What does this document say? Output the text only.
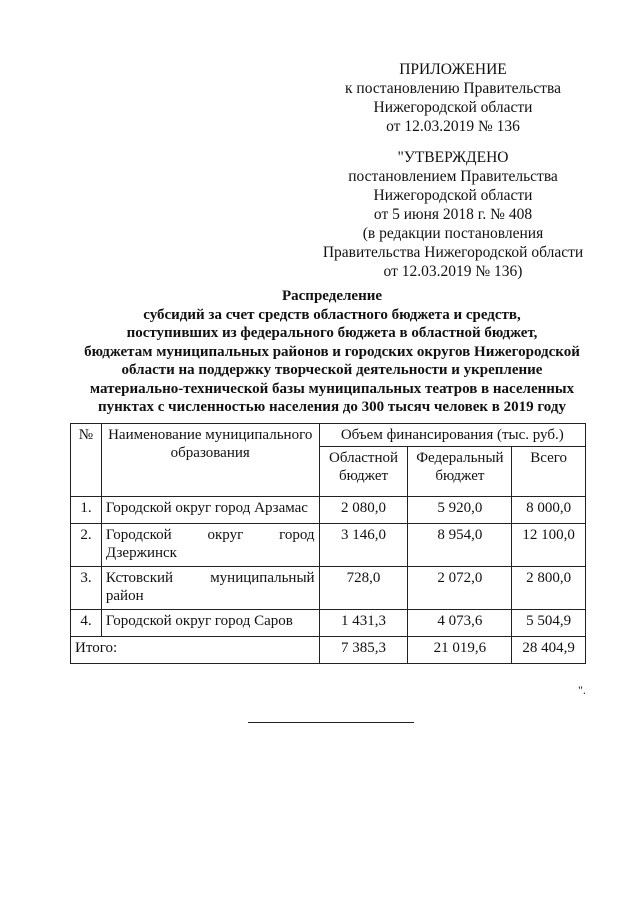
ПРИЛОЖЕНИЕ
к постановлению Правительства
Нижегородской области
от 12.03.2019 № 136
"УТВЕРЖДЕНО
постановлением Правительства
Нижегородской области
от 5 июня 2018 г. № 408
(в редакции постановления
Правительства Нижегородской области
от 12.03.2019 № 136)
Распределение
субсидий за счет средств областного бюджета и средств,
поступивших из федерального бюджета в областной бюджет,
бюджетам муниципальных районов и городских округов Нижегородской
области на поддержку творческой деятельности и укрепление
материально-технической базы муниципальных театров в населенных
пунктах с численностью населения до 300 тысяч человек в 2019 году
№	Наименование муниципального образования	Объем финансирования (тыс. руб.)		
		Областной бюджет	Федеральный бюджет	Всего
1.	Городской округ город Арзамас	2 080,0	5 920,0	8 000,0
2.	Городской округ город Дзержинск	3 146,0	8 954,0	12 100,0
3.	Кстовский муниципальный район	728,0	2 072,0	2 800,0
4.	Городской округ город Саров	1 431,3	4 073,6	5 504,9
Итого:		7 385,3	21 019,6	28 404,9
".
